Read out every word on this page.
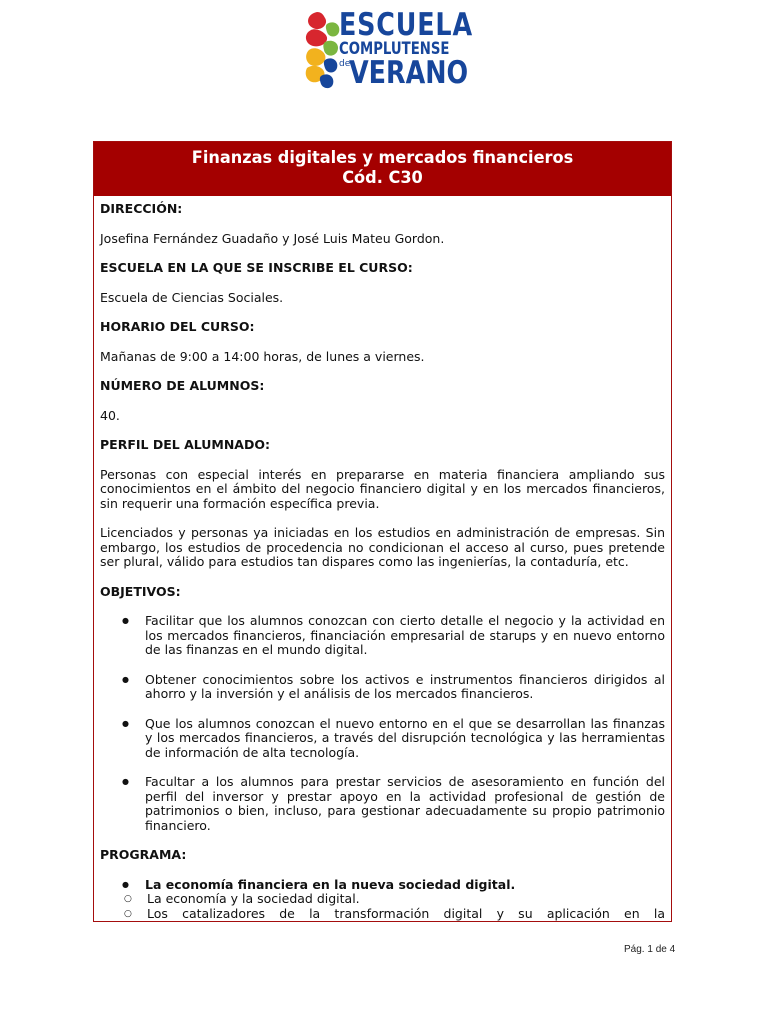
ESCUELA
COMPLUTENSE
de
VERANO
Finanzas digitales y mercados financieros
Cód. C30

DIRECCIÓN:

Josefina Fernández Guadaño y José Luis Mateu Gordon.

ESCUELA EN LA QUE SE INSCRIBE EL CURSO:

Escuela de Ciencias Sociales.

HORARIO DEL CURSO:

Mañanas de 9:00 a 14:00 horas, de lunes a viernes.

NÚMERO DE ALUMNOS:

40.

PERFIL DEL ALUMNADO:

Personas con especial interés en prepararse en materia financiera ampliando sus conocimientos en el ámbito del negocio financiero digital y en los mercados financieros, sin requerir una formación específica previa.

Licenciados y personas ya iniciadas en los estudios en administración de empresas. Sin embargo, los estudios de procedencia no condicionan el acceso al curso, pues pretende ser plural, válido para estudios tan dispares como las ingenierías, la contaduría, etc.

OBJETIVOS:

● Facilitar que los alumnos conozcan con cierto detalle el negocio y la actividad en los mercados financieros, financiación empresarial de starups y en nuevo entorno de las finanzas en el mundo digital.
● Obtener conocimientos sobre los activos e instrumentos financieros dirigidos al ahorro y la inversión y el análisis de los mercados financieros.
● Que los alumnos conozcan el nuevo entorno en el que se desarrollan las finanzas y los mercados financieros, a través del disrupción tecnológica y las herramientas de información de alta tecnología.
● Facultar a los alumnos para prestar servicios de asesoramiento en función del perfil del inversor y prestar apoyo en la actividad profesional de gestión de patrimonios o bien, incluso, para gestionar adecuadamente su propio patrimonio financiero.

PROGRAMA:

● La economía financiera en la nueva sociedad digital.
○ La economía y la sociedad digital.
○ Los catalizadores de la transformación digital y su aplicación en la
Pág. 1 de 4
